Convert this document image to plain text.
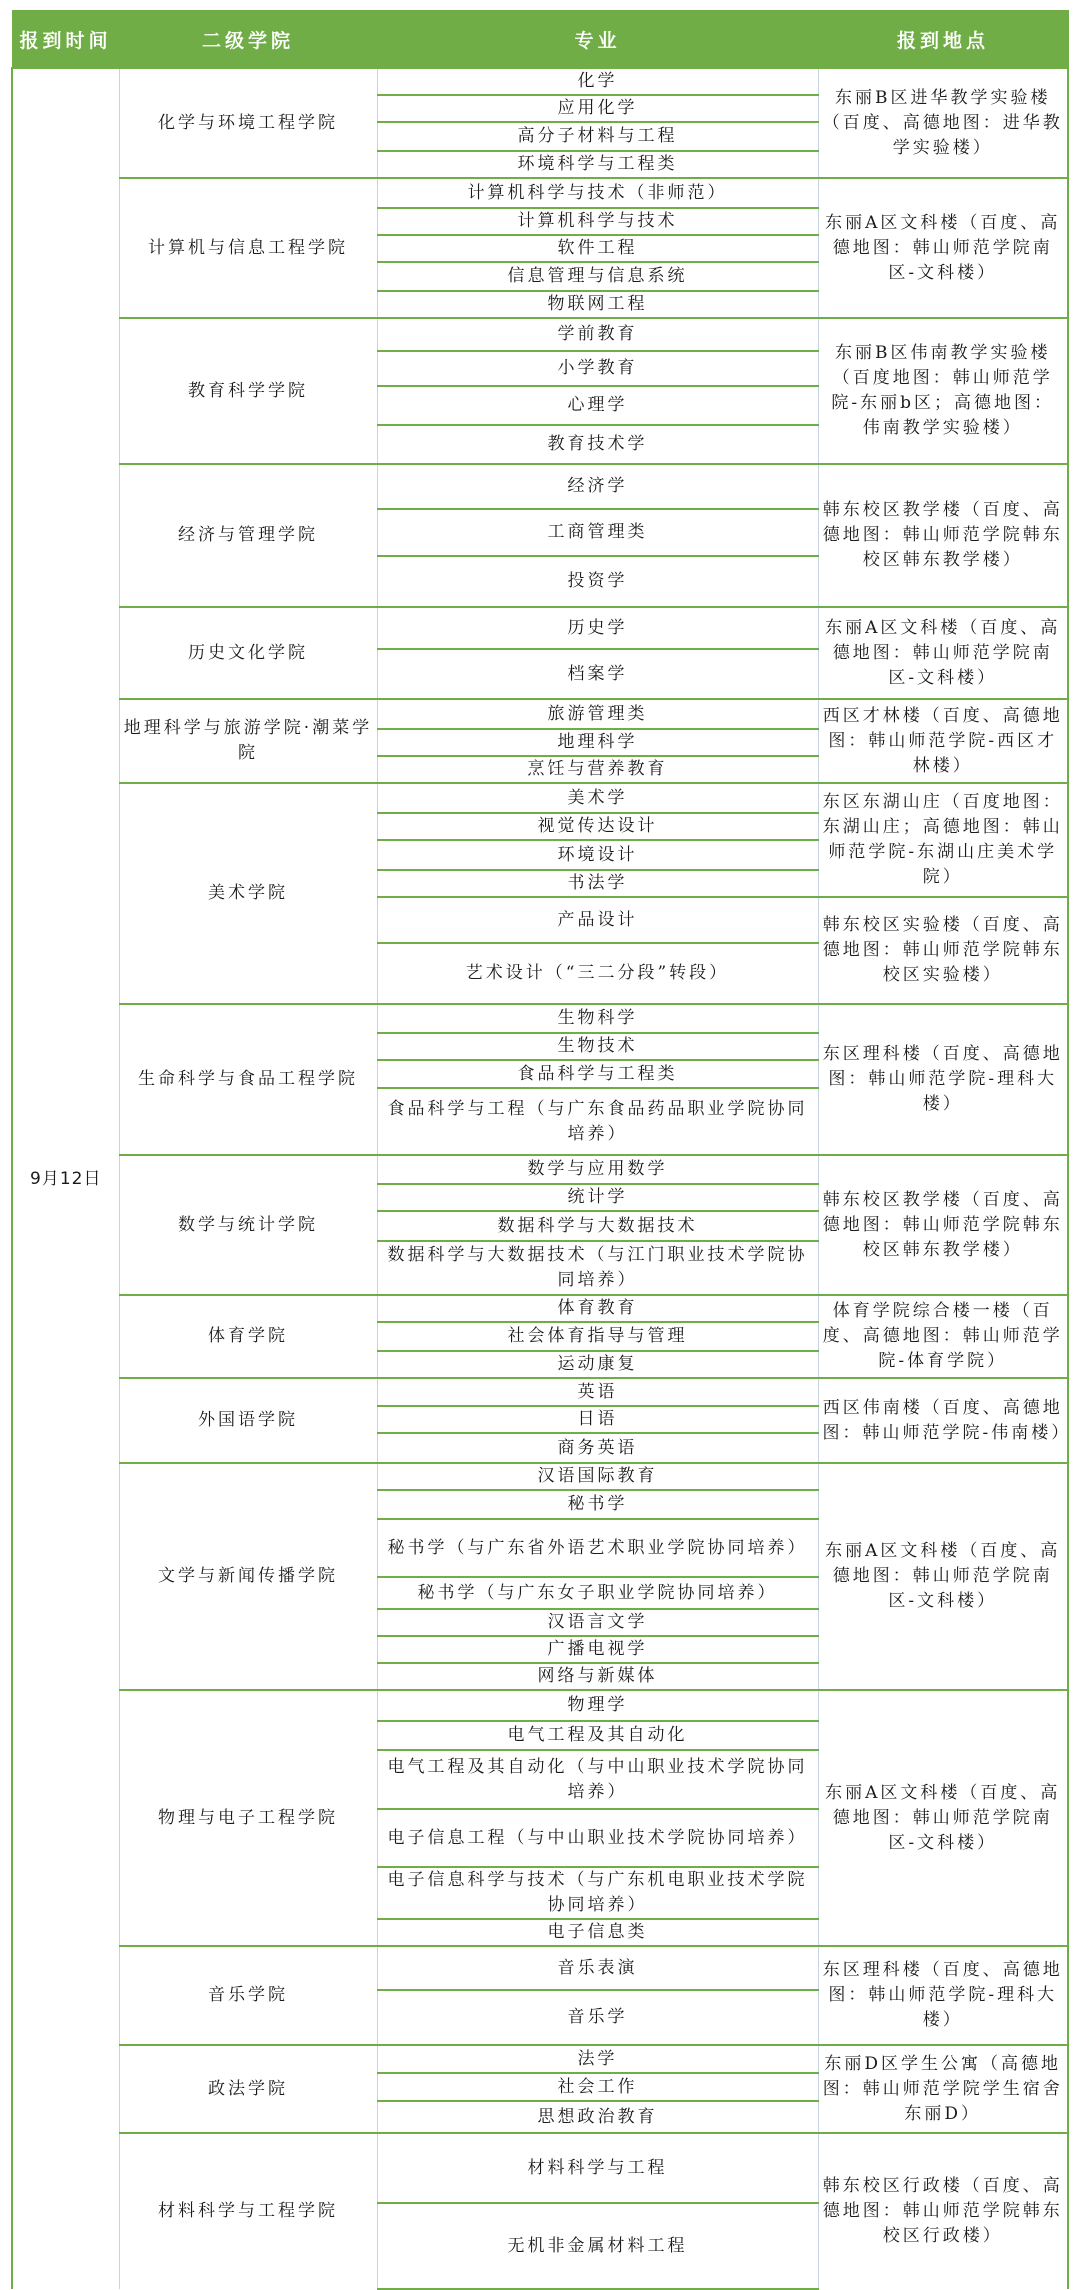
报到时间	二级学院	专业	报到地点
9月12日	化学与环境工程学院	化学	东丽B区进华教学实验楼（百度、高德地图：进华教学实验楼）
		应用化学	
		高分子材料与工程	
		环境科学与工程类	
	计算机与信息工程学院	计算机科学与技术（非师范）	东丽A区文科楼（百度、高德地图：韩山师范学院南区-文科楼）
		计算机科学与技术	
		软件工程	
		信息管理与信息系统	
		物联网工程	
	教育科学学院	学前教育	东丽B区伟南教学实验楼（百度地图：韩山师范学院-东丽b区；高德地图：伟南教学实验楼）
		小学教育	
		心理学	
		教育技术学	
	经济与管理学院	经济学	韩东校区教学楼（百度、高德地图：韩山师范学院韩东校区韩东教学楼）
		工商管理类	
		投资学	
	历史文化学院	历史学	东丽A区文科楼（百度、高德地图：韩山师范学院南区-文科楼）
		档案学	
	地理科学与旅游学院·潮菜学院	旅游管理类	西区才林楼（百度、高德地图：韩山师范学院-西区才林楼）
		地理科学	
		烹饪与营养教育	
	美术学院	美术学	东区东湖山庄（百度地图：东湖山庄；高德地图：韩山师范学院-东湖山庄美术学院）
		视觉传达设计	
		环境设计	
		书法学	
		产品设计	韩东校区实验楼（百度、高德地图：韩山师范学院韩东校区实验楼）
		艺术设计（“三二分段”转段）	
	生命科学与食品工程学院	生物科学	东区理科楼（百度、高德地图：韩山师范学院-理科大楼）
		生物技术	
		食品科学与工程类	
		食品科学与工程（与广东食品药品职业学院协同培养）	
	数学与统计学院	数学与应用数学	韩东校区教学楼（百度、高德地图：韩山师范学院韩东校区韩东教学楼）
		统计学	
		数据科学与大数据技术	
		数据科学与大数据技术（与江门职业技术学院协同培养）	
	体育学院	体育教育	体育学院综合楼一楼（百度、高德地图：韩山师范学院-体育学院）
		社会体育指导与管理	
		运动康复	
	外国语学院	英语	西区伟南楼（百度、高德地图：韩山师范学院-伟南楼）
		日语	
		商务英语	
	文学与新闻传播学院	汉语国际教育	东丽A区文科楼（百度、高德地图：韩山师范学院南区-文科楼）
		秘书学	
		秘书学（与广东省外语艺术职业学院协同培养）	
		秘书学（与广东女子职业学院协同培养）	
		汉语言文学	
		广播电视学	
		网络与新媒体	
	物理与电子工程学院	物理学	东丽A区文科楼（百度、高德地图：韩山师范学院南区-文科楼）
		电气工程及其自动化	
		电气工程及其自动化（与中山职业技术学院协同培养）	
		电子信息工程（与中山职业技术学院协同培养）	
		电子信息科学与技术（与广东机电职业技术学院协同培养）	
		电子信息类	
	音乐学院	音乐表演	东区理科楼（百度、高德地图：韩山师范学院-理科大楼）
		音乐学	
	政法学院	法学	东丽D区学生公寓（高德地图：韩山师范学院学生宿舍东丽D）
		社会工作	
		思想政治教育	
	材料科学与工程学院	材料科学与工程	韩东校区行政楼（百度、高德地图：韩山师范学院韩东校区行政楼）
		无机非金属材料工程	
